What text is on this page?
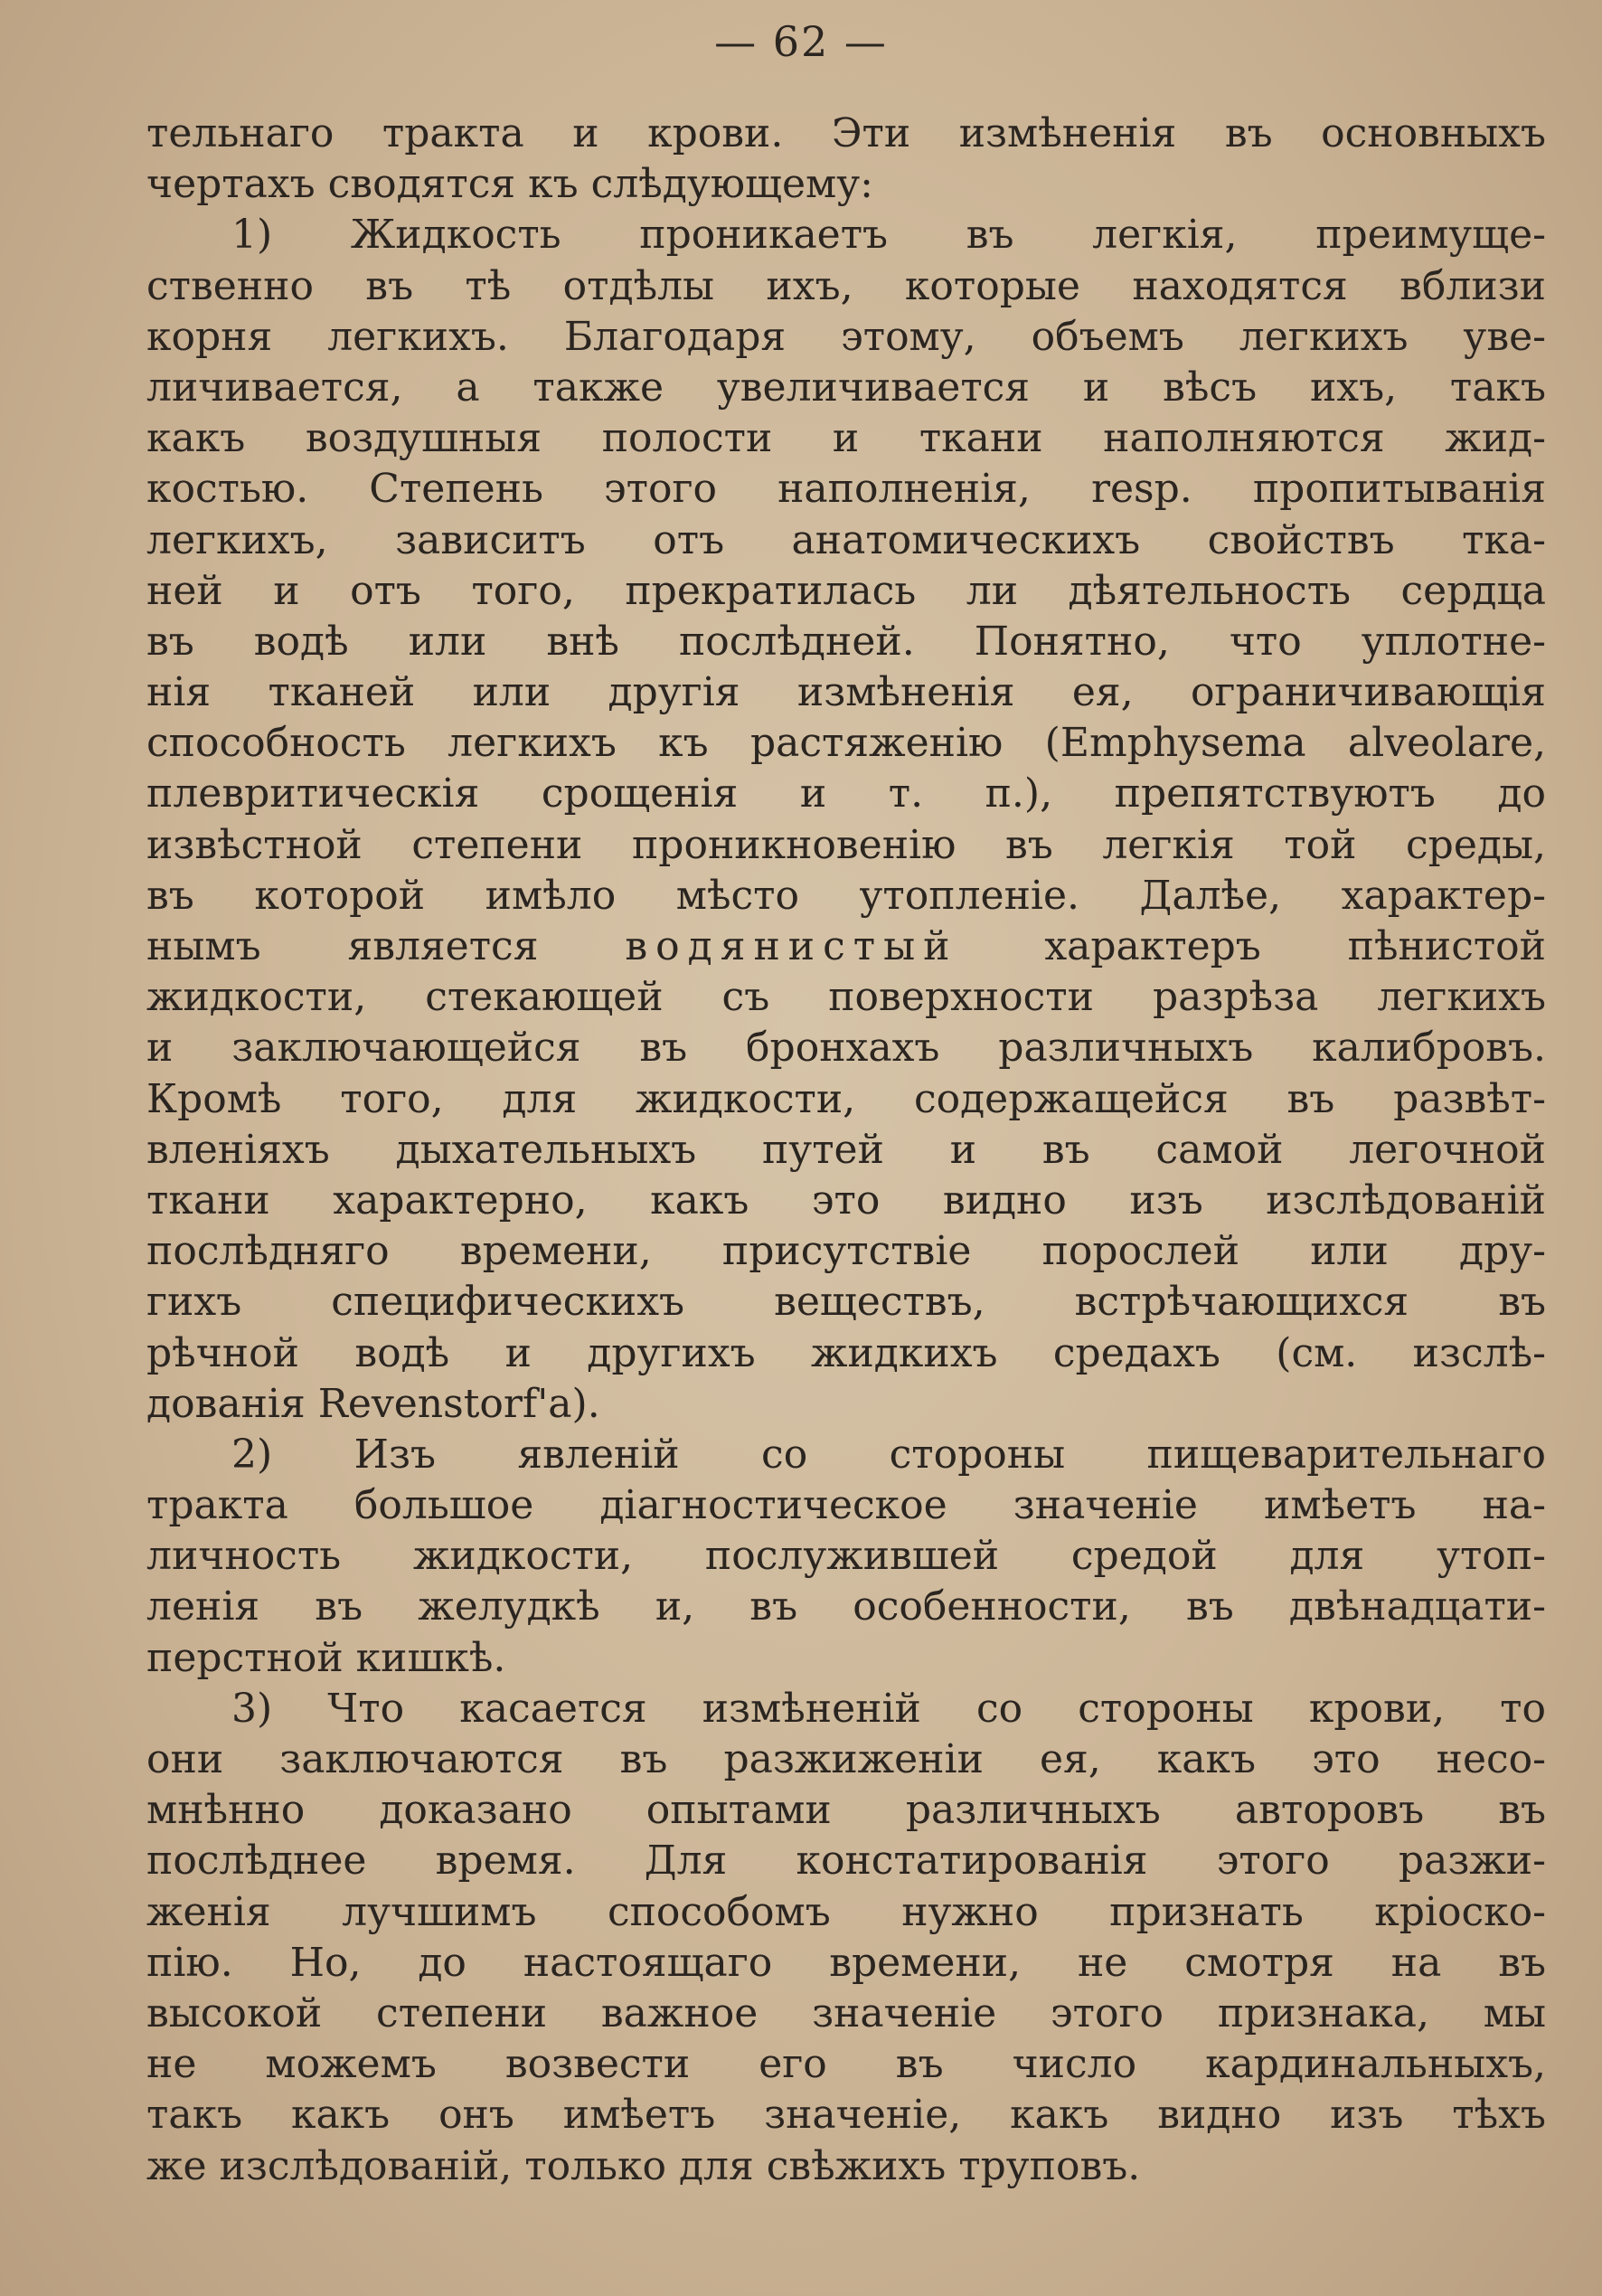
— 62 —
тельнаго тракта и крови. Эти измѣненія въ основныхъ
чертахъ сводятся къ слѣдующему:
1) Жидкость проникаетъ въ легкія, преимуще-
ственно въ тѣ отдѣлы ихъ, которые находятся вблизи
корня легкихъ. Благодаря этому, объемъ легкихъ уве-
личивается, а также увеличивается и вѣсъ ихъ, такъ
какъ воздушныя полости и ткани наполняются жид-
костью. Степень этого наполненія, resp. пропитыванія
легкихъ, зависитъ отъ анатомическихъ свойствъ тка-
ней и отъ того, прекратилась ли дѣятельность сердца
въ водѣ или внѣ послѣдней. Понятно, что уплотне-
нія тканей или другія измѣненія ея, ограничивающія
способность легкихъ къ растяженію (Emphysema alveolare,
плевритическія срощенія и т. п.), препятствуютъ до
извѣстной степени проникновенію въ легкія той среды,
въ которой имѣло мѣсто утопленіе. Далѣе, характер-
нымъ является водянистый характеръ пѣнистой
жидкости, стекающей съ поверхности разрѣза легкихъ
и заключающейся въ бронхахъ различныхъ калибровъ.
Кромѣ того, для жидкости, содержащейся въ развѣт-
вленіяхъ дыхательныхъ путей и въ самой легочной
ткани характерно, какъ это видно изъ изслѣдованій
послѣдняго времени, присутствіе порослей или дру-
гихъ специфическихъ веществъ, встрѣчающихся въ
рѣчной водѣ и другихъ жидкихъ средахъ (см. изслѣ-
дованія Revenstorf'а).
2) Изъ явленій со стороны пищеварительнаго
тракта большое діагностическое значеніе имѣетъ на-
личность жидкости, послужившей средой для утоп-
ленія въ желудкѣ и, въ особенности, въ двѣнадцати-
перстной кишкѣ.
3) Что касается измѣненій со стороны крови, то
они заключаются въ разжиженіи ея, какъ это несо-
мнѣнно доказано опытами различныхъ авторовъ въ
послѣднее время. Для констатированія этого разжи-
женія лучшимъ способомъ нужно признать кріоско-
пію. Но, до настоящаго времени, не смотря на въ
высокой степени важное значеніе этого признака, мы
не можемъ возвести его въ число кардинальныхъ,
такъ какъ онъ имѣетъ значеніе, какъ видно изъ тѣхъ
же изслѣдованій, только для свѣжихъ труповъ.
